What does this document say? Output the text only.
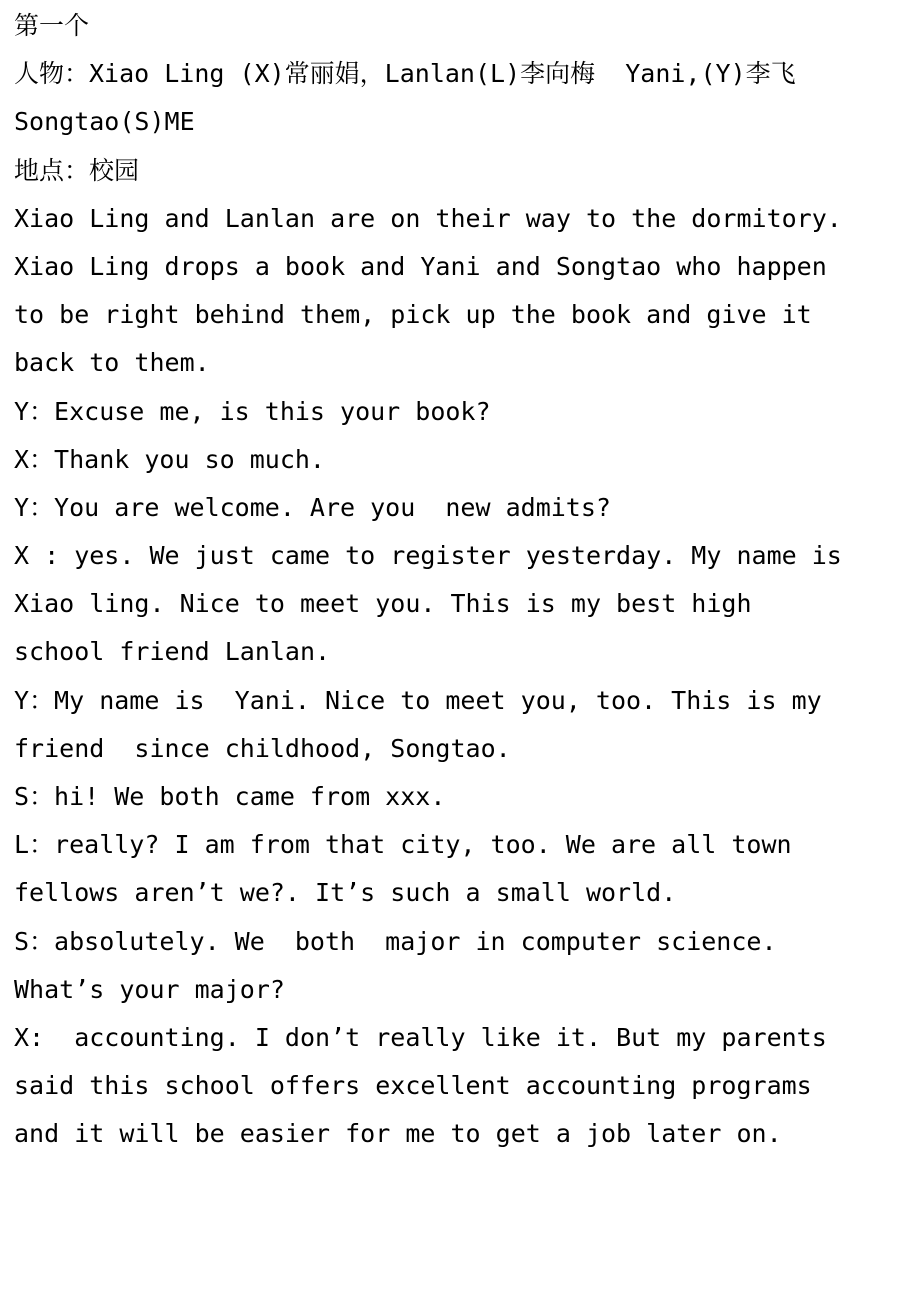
第一个

人物：Xiao Ling (X)常丽娟，Lanlan(L)李向梅  Yani,(Y)李飞

Songtao(S)ME

地点：校园

Xiao Ling and Lanlan are on their way to the dormitory.

Xiao Ling drops a book and Yani and Songtao who happen

to be right behind them, pick up the book and give it

back to them.

Y：Excuse me, is this your book?

X：Thank you so much.

Y：You are welcome. Are you  new admits?

X : yes. We just came to register yesterday. My name is

Xiao ling. Nice to meet you. This is my best high

school friend Lanlan.

Y：My name is  Yani. Nice to meet you, too. This is my

friend  since childhood, Songtao.

S：hi! We both came from xxx.

L：really? I am from that city, too. We are all town

fellows aren’t we?. It’s such a small world.

S：absolutely. We  both  major in computer science.

What’s your major?

X:  accounting. I don’t really like it. But my parents

said this school offers excellent accounting programs

and it will be easier for me to get a job later on.
